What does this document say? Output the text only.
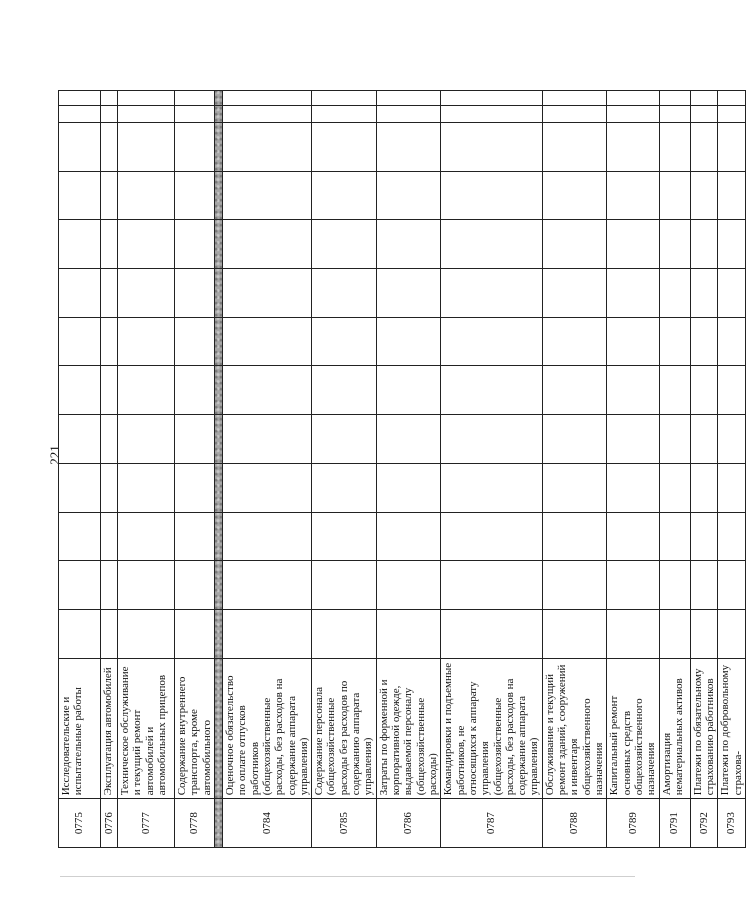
221
0775	Исследовательские и испытательные работы													
0776	Эксплуатация автомобилей													
0777	Техническое обслуживание и текущий ремонт автомобилей и автомобильных прицепов													
0778	Содержание внутреннего транспорта, кроме автомобильного													

0784	Оценочное обязательство по оплате отпусков работников (общехозяйственные расходы, без расходов на содержание аппарата управления)													
0785	Содержание персонала (общехозяйственные расходы без расходов по содержанию аппарата управления)													
0786	Затраты по форменной и корпоративной одежде, выдаваемой персоналу (общехозяйственные расходы)													
0787	Командировки и подъемные работников, не относящихся к аппарату управления (общехозяйственные расходы, без расходов на содержание аппарата управления)													
0788	Обслуживание и текущий ремонт зданий, сооружений и инвентаря общехозяйственного назначения													
0789	Капитальный ремонт основных средств общехозяйственного назначения													
0791	Амортизация нематериальных активов													
0792	Платежи по обязательному страхованию работников													
0793	Платежи по добровольному страхова-													
